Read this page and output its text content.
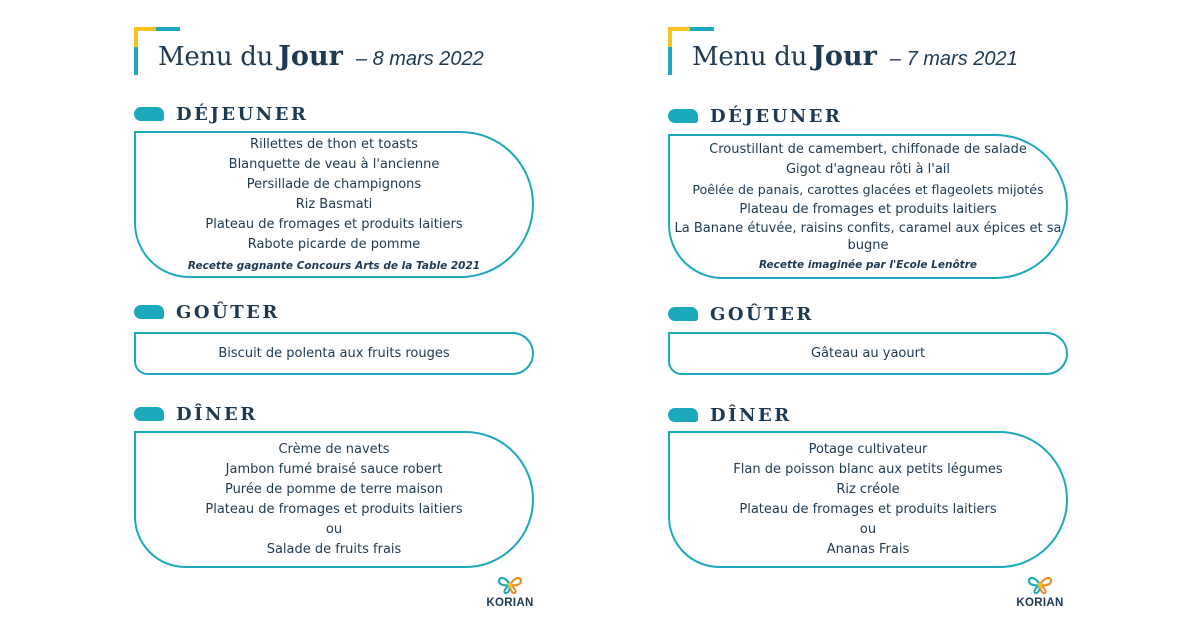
Menu du Jour – 8 mars 2022
DÉJEUNER
Rillettes de thon et toasts
Blanquette de veau à l'ancienne
Persillade de champignons
Riz Basmati
Plateau de fromages et produits laitiers
Rabote picarde de pomme
Recette gagnante Concours Arts de la Table 2021
GOÛTER
Biscuit de polenta aux fruits rouges
DÎNER
Crème de navets
Jambon fumé braisé sauce robert
Purée de pomme de terre maison
Plateau de fromages et produits laitiers
ou
Salade de fruits frais
KORIAN
Menu du Jour – 7 mars 2021
DÉJEUNER
Croustillant de camembert, chiffonade de salade
Gigot d'agneau rôti à l'ail
Poêlée de panais, carottes glacées et flageolets mijotés
Plateau de fromages et produits laitiers
La Banane étuvée, raisins confits, caramel aux épices et sa bugne
Recette imaginée par l'Ecole Lenôtre
GOÛTER
Gâteau au yaourt
DÎNER
Potage cultivateur
Flan de poisson blanc aux petits légumes
Riz créole
Plateau de fromages et produits laitiers
ou
Ananas Frais
KORIAN
